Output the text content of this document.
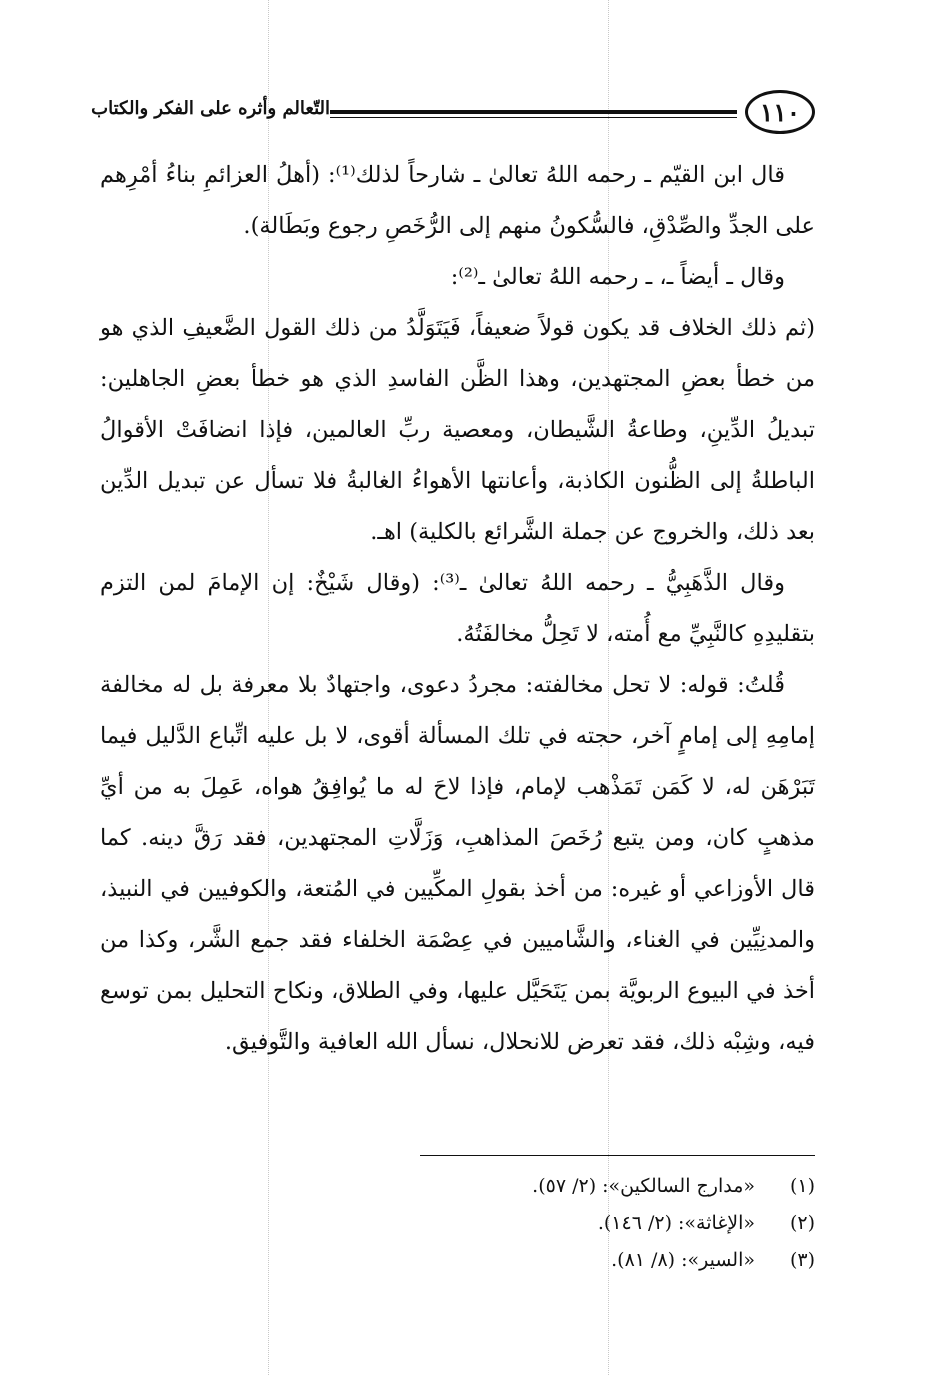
١١٠
التّعالم وأثره على الفكر والكتاب

قال ابن القيّم ـ رحمه اللهُ تعالىٰ ـ شارحاً لذلك⁽¹⁾: (أهلُ العزائمِ بناءُ أمْرِهم على الجدِّ والصِّدْقِ، فالسُّكونُ منهم إلى الرُّخَصِ رجوع وبَطَالة).

وقال ـ أيضاً ـ، ـ رحمه اللهُ تعالىٰ ـ⁽²⁾:

(ثم ذلك الخلاف قد يكون قولاً ضعيفاً، فَيَتَوَلَّدُ من ذلك القول الضَّعيفِ الذي هو من خطأ بعضِ المجتهدين، وهذا الظَّن الفاسدِ الذي هو خطأ بعضِ الجاهلين: تبديلُ الدِّينِ، وطاعةُ الشَّيطان، ومعصية ربِّ العالمين، فإذا انضافَتْ الأقوالُ الباطلةُ إلى الظُّنون الكاذبة، وأعانتها الأهواءُ الغالبةُ فلا تسأل عن تبديل الدِّين بعد ذلك، والخروج عن جملة الشَّرائع بالكلية) اهـ.

وقال الذَّهَبِيُّ ـ رحمه اللهُ تعالىٰ ـ⁽³⁾: (وقال شَيْخٌ: إن الإمامَ لمن التزم بتقليدِهِ كالنَّبِيِّ مع أُمته، لا تَحِلُّ مخالفَتُهُ.

قُلتُ: قوله: لا تحل مخالفته: مجردُ دعوى، واجتهادٌ بلا معرفة بل له مخالفة إمامِهِ إلى إمامٍ آخر، حجته في تلك المسألة أقوى، لا بل عليه اتِّباع الدَّليل فيما تَبَرْهَن له، لا كَمَن تَمَذْهب لإمام، فإذا لاحَ له ما يُوافِقُ هواه، عَمِلَ به من أيِّ مذهبٍ كان، ومن يتبع رُخَصَ المذاهبِ، وَزَلَّاتِ المجتهدين، فقد رَقَّ دينه. كما قال الأوزاعي أو غيره: من أخذ بقولِ المكِّيين في المُتعة، والكوفيين في النبيذ، والمدنِيِّين في الغناء، والشَّاميين في عِصْمَة الخلفاء فقد جمع الشَّر، وكذا من أخذ في البيوع الربويَّة بمن يَتَحَيَّل عليها، وفي الطلاق، ونكاح التحليل بمن توسع فيه، وشِبْه ذلك، فقد تعرض للانحلال، نسأل الله العافية والتَّوفيق.

(١)
«مدارج السالكين»: (٢/ ٥٧).
(٢)
«الإغاثة»: (٢/ ١٤٦).
(٣)
«السير»: (٨/ ٨١).
